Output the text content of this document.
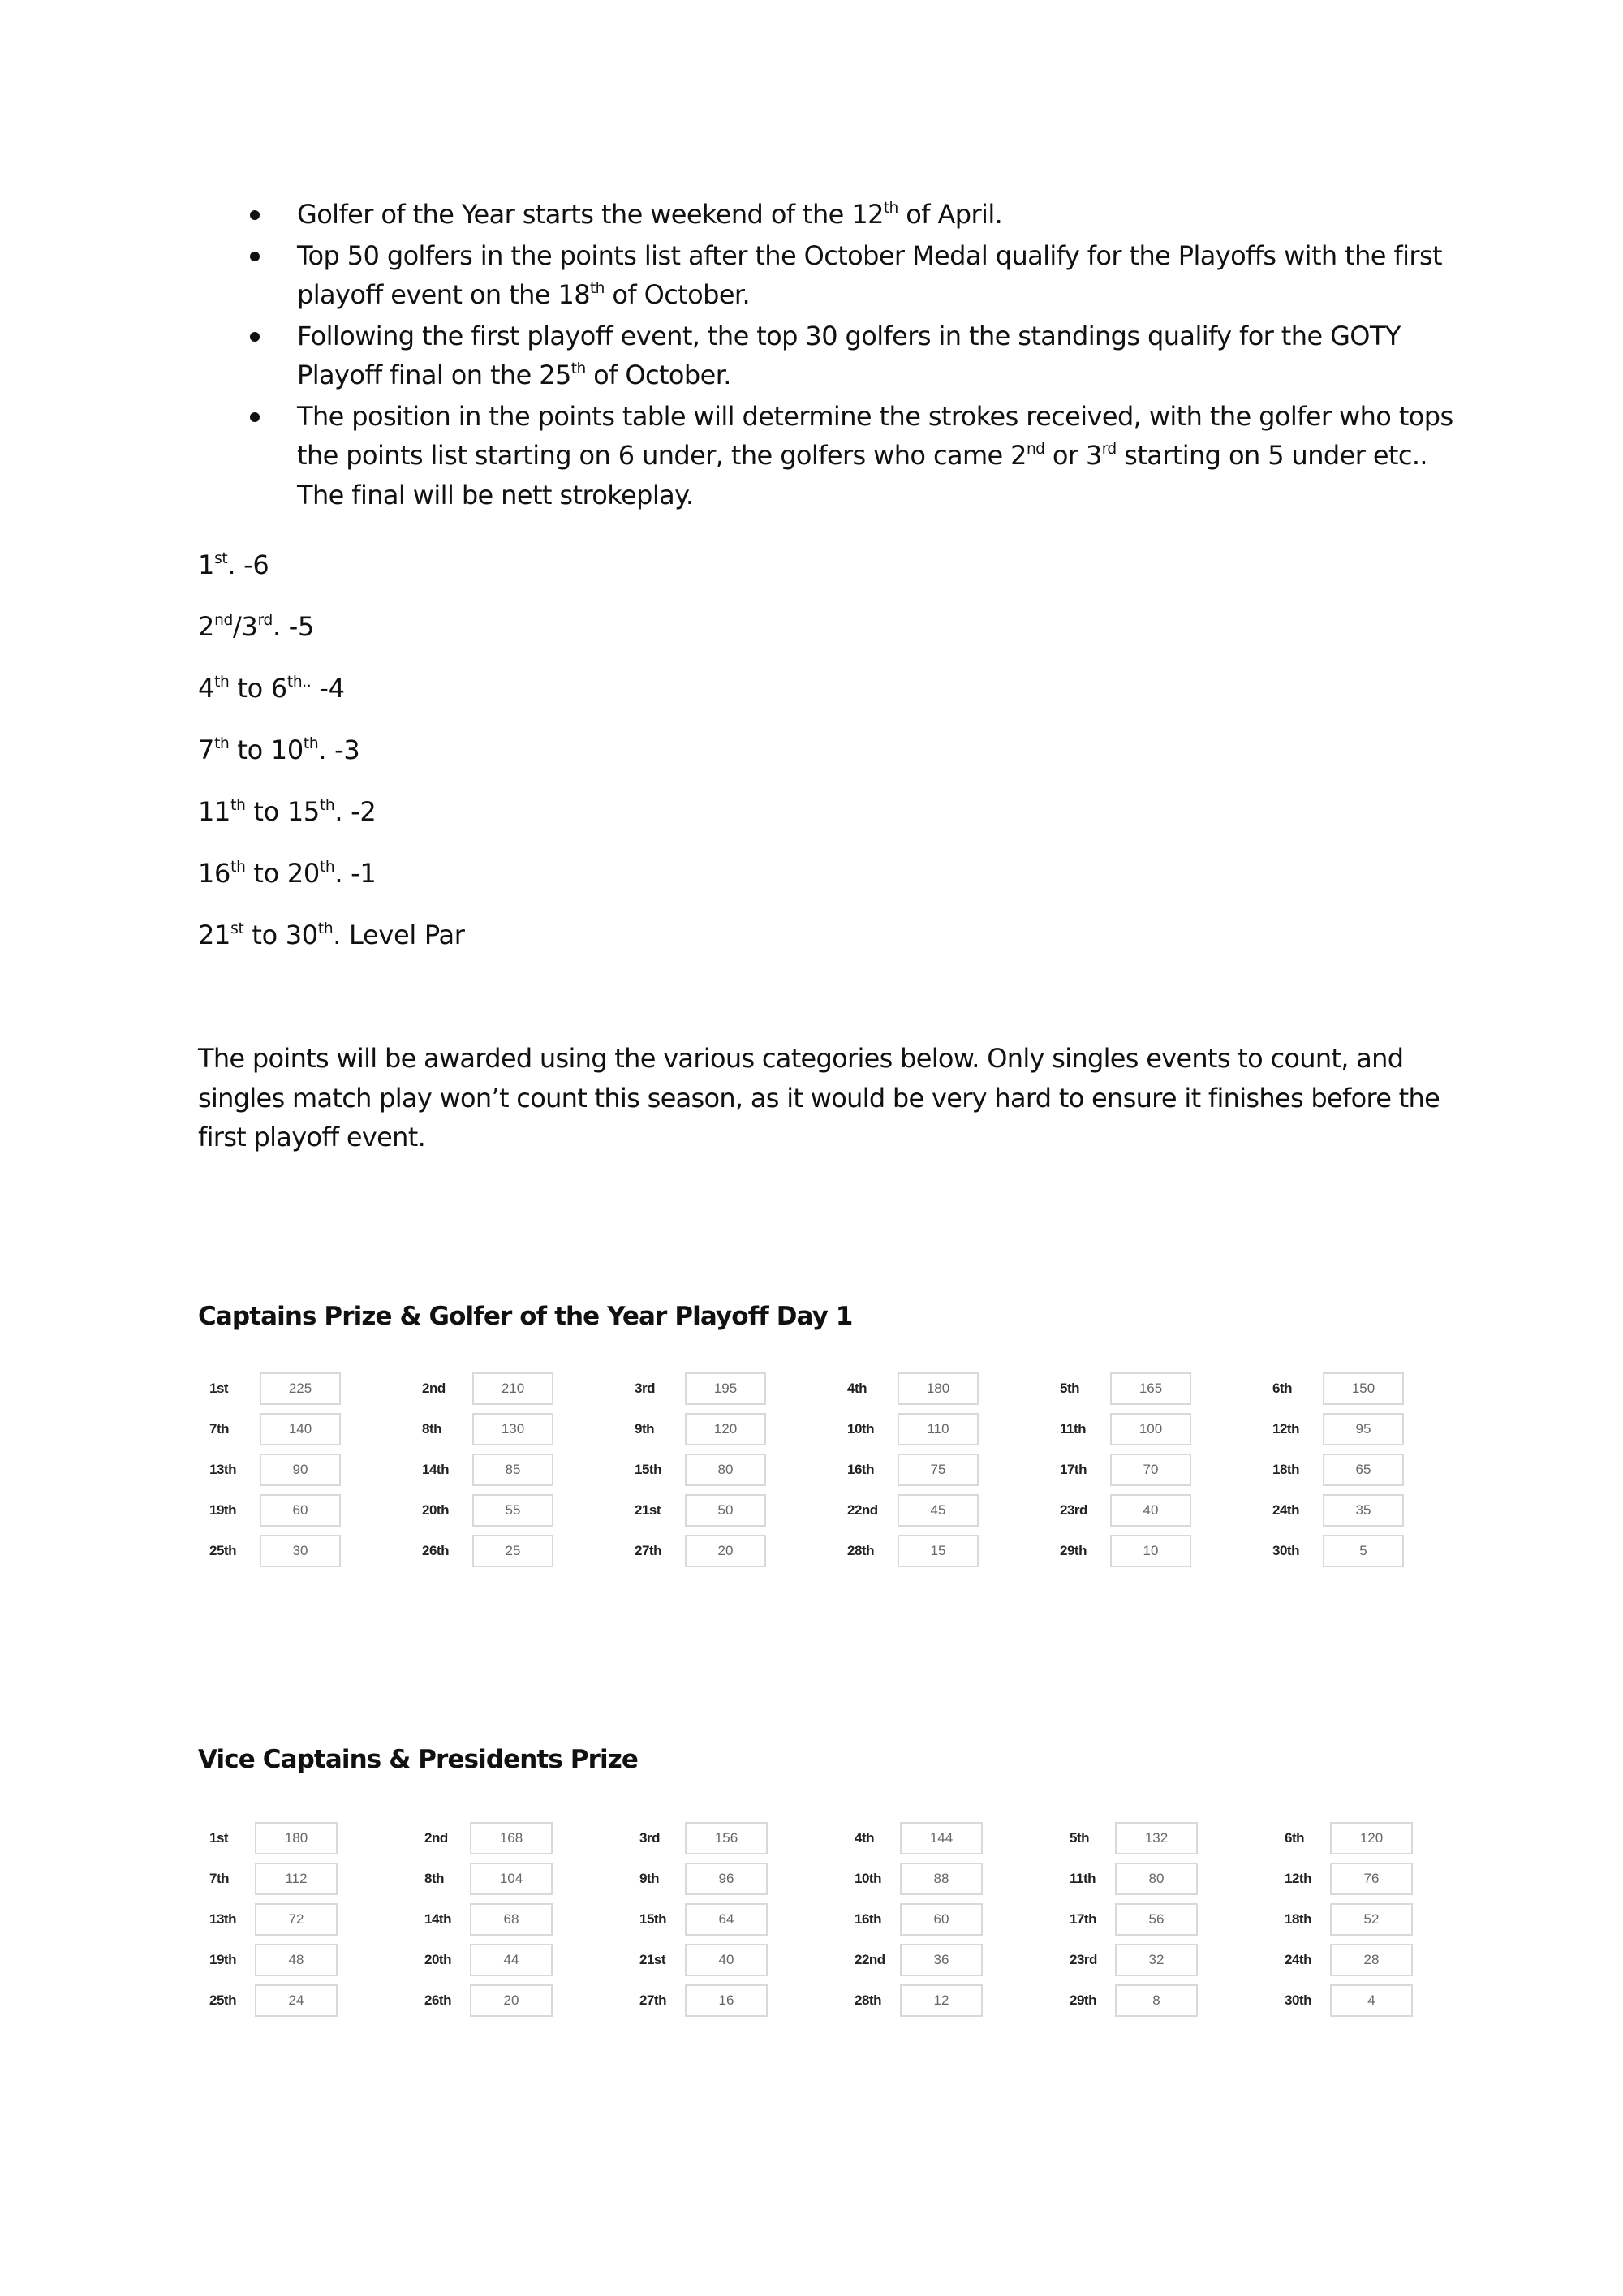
Golfer of the Year starts the weekend of the 12th of April.
Top 50 golfers in the points list after the October Medal qualify for the Playoffs with the first playoff event on the 18th of October.
Following the first playoff event, the top 30 golfers in the standings qualify for the GOTY Playoff final on the 25th of October.
The position in the points table will determine the strokes received, with the golfer who tops the points list starting on 6 under, the golfers who came 2nd or 3rd starting on 5 under etc.. The final will be nett strokeplay.
1st. -6
2nd/3rd. -5
4th to $6^{th..}$ -4
7th to 10th. -3
11th to 15th. -2
16th to 20th. -1
21st to 30th. Level Par

The points will be awarded using the various categories below. Only singles events to count, and singles match play won’t count this season, as it would be very hard to ensure it finishes before the first playoff event.

Captains Prize & Golfer of the Year Playoff Day 1
1st	225	2nd	210	3rd	195	4th	180	5th	165	6th	150
7th	140	8th	130	9th	120	10th	110	11th	100	12th	95
13th	90	14th	85	15th	80	16th	75	17th	70	18th	65
19th	60	20th	55	21st	50	22nd	45	23rd	40	24th	35
25th	30	26th	25	27th	20	28th	15	29th	10	30th	5
Vice Captains & Presidents Prize
1st	180	2nd	168	3rd	156	4th	144	5th	132	6th	120
7th	112	8th	104	9th	96	10th	88	11th	80	12th	76
13th	72	14th	68	15th	64	16th	60	17th	56	18th	52
19th	48	20th	44	21st	40	22nd	36	23rd	32	24th	28
25th	24	26th	20	27th	16	28th	12	29th	8	30th	4
